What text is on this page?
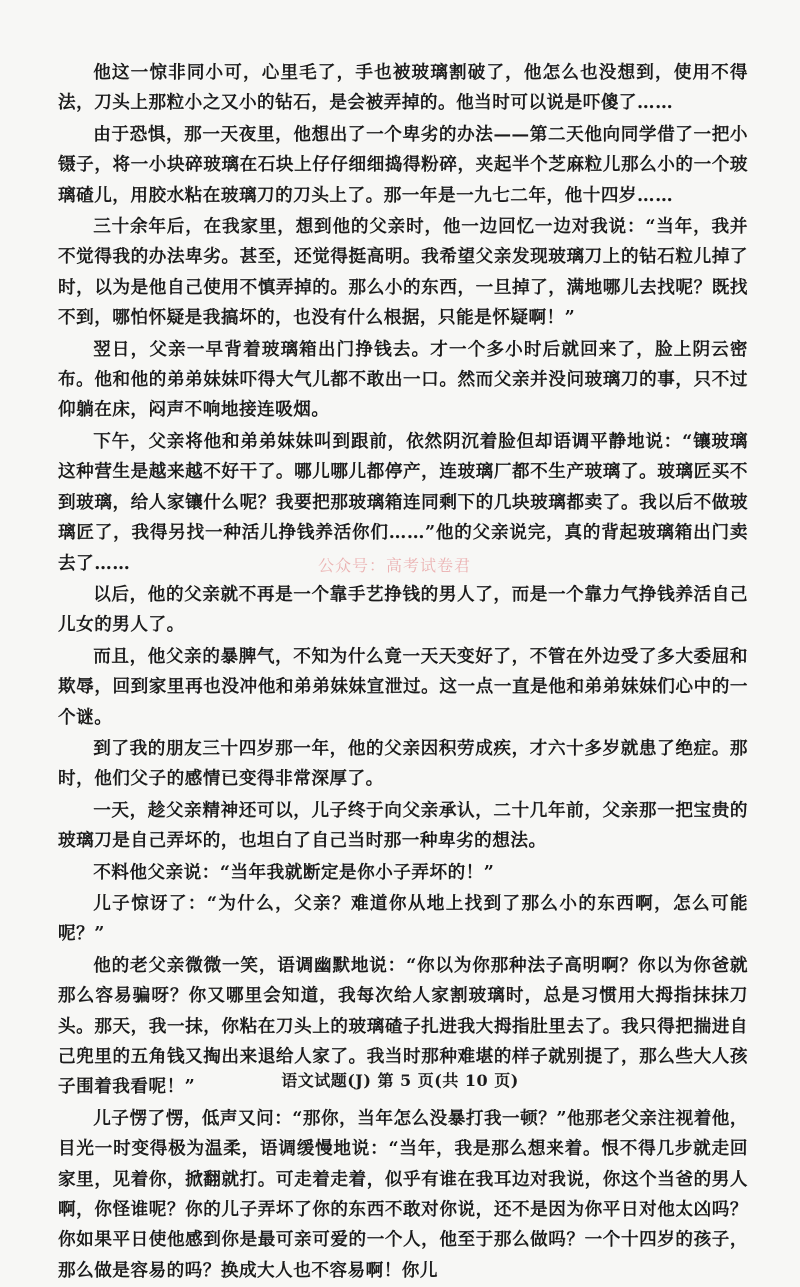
他这一惊非同小可，心里毛了，手也被玻璃割破了，他怎么也没想到，使用不得法，刀头上那粒小之又小的钻石，是会被弄掉的。他当时可以说是吓傻了……

由于恐惧，那一天夜里，他想出了一个卑劣的办法——第二天他向同学借了一把小镊子，将一小块碎玻璃在石块上仔仔细细捣得粉碎，夹起半个芝麻粒儿那么小的一个玻璃碴儿，用胶水粘在玻璃刀的刀头上了。那一年是一九七二年，他十四岁……

三十余年后，在我家里，想到他的父亲时，他一边回忆一边对我说：“当年，我并不觉得我的办法卑劣。甚至，还觉得挺高明。我希望父亲发现玻璃刀上的钻石粒儿掉了时，以为是他自己使用不慎弄掉的。那么小的东西，一旦掉了，满地哪儿去找呢？既找不到，哪怕怀疑是我搞坏的，也没有什么根据，只能是怀疑啊！”

翌日，父亲一早背着玻璃箱出门挣钱去。才一个多小时后就回来了，脸上阴云密布。他和他的弟弟妹妹吓得大气儿都不敢出一口。然而父亲并没问玻璃刀的事，只不过仰躺在床，闷声不响地接连吸烟。

下午，父亲将他和弟弟妹妹叫到跟前，依然阴沉着脸但却语调平静地说：“镶玻璃这种营生是越来越不好干了。哪儿哪儿都停产，连玻璃厂都不生产玻璃了。玻璃匠买不到玻璃，给人家镶什么呢？我要把那玻璃箱连同剩下的几块玻璃都卖了。我以后不做玻璃匠了，我得另找一种活儿挣钱养活你们……”他的父亲说完，真的背起玻璃箱出门卖去了……

以后，他的父亲就不再是一个靠手艺挣钱的男人了，而是一个靠力气挣钱养活自己儿女的男人了。

而且，他父亲的暴脾气，不知为什么竟一天天变好了，不管在外边受了多大委屈和欺辱，回到家里再也没冲他和弟弟妹妹宣泄过。这一点一直是他和弟弟妹妹们心中的一个谜。

到了我的朋友三十四岁那一年，他的父亲因积劳成疾，才六十多岁就患了绝症。那时，他们父子的感情已变得非常深厚了。

一天，趁父亲精神还可以，儿子终于向父亲承认，二十几年前，父亲那一把宝贵的玻璃刀是自己弄坏的，也坦白了自己当时那一种卑劣的想法。

不料他父亲说：“当年我就断定是你小子弄坏的！”

儿子惊讶了：“为什么，父亲？难道你从地上找到了那么小的东西啊，怎么可能呢？”

他的老父亲微微一笑，语调幽默地说：“你以为你那种法子高明啊？你以为你爸就那么容易骗呀？你又哪里会知道，我每次给人家割玻璃时，总是习惯用大拇指抹抹刀头。那天，我一抹，你粘在刀头上的玻璃碴子扎进我大拇指肚里去了。我只得把揣进自己兜里的五角钱又掏出来退给人家了。我当时那种难堪的样子就别提了，那么些大人孩子围着我看呢！”

儿子愣了愣，低声又问：“那你，当年怎么没暴打我一顿？”他那老父亲注视着他，目光一时变得极为温柔，语调缓慢地说：“当年，我是那么想来着。恨不得几步就走回家里，见着你，掀翻就打。可走着走着，似乎有谁在我耳边对我说，你这个当爸的男人啊，你怪谁呢？你的儿子弄坏了你的东西不敢对你说，还不是因为你平日对他太凶吗？你如果平日使他感到你是最可亲可爱的一个人，他至于那么做吗？一个十四岁的孩子，那么做是容易的吗？换成大人也不容易啊！你儿

公众号：高考试卷君
语文试题(J) 第 5 页(共 10 页)
